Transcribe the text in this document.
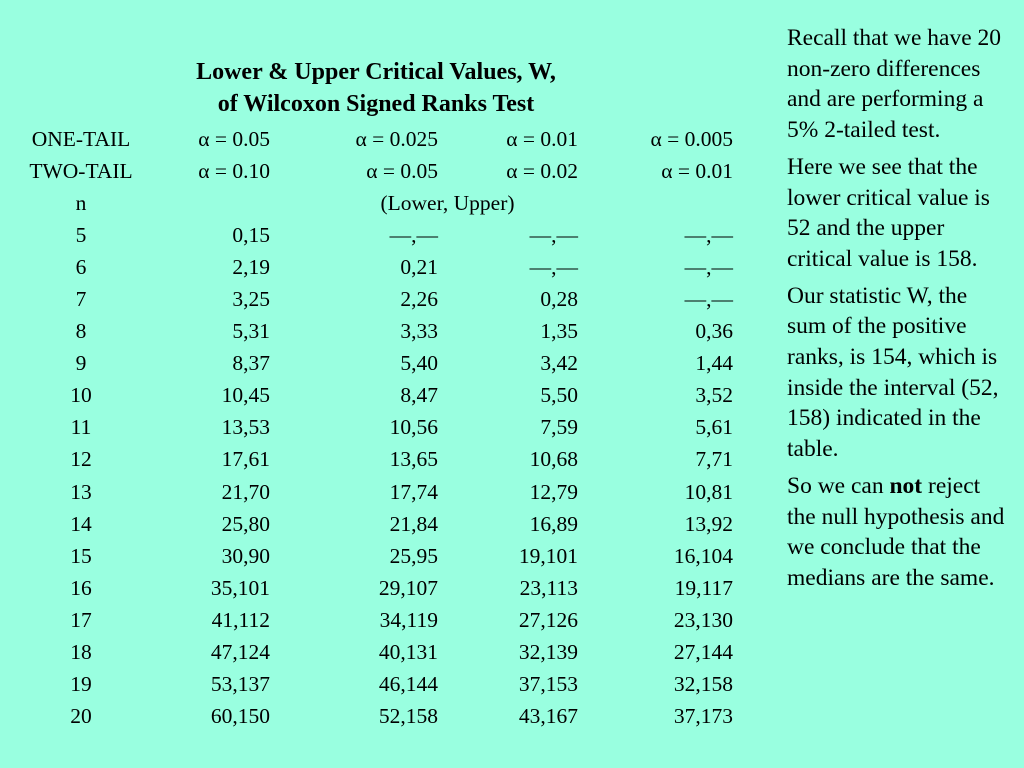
Lower & Upper Critical Values, W,
of Wilcoxon Signed Ranks Test
ONE-TAIL	α = 0.05	α = 0.025	α = 0.01	α = 0.005
TWO-TAIL	α = 0.10	α = 0.05	α = 0.02	α = 0.01
n	(Lower, Upper)			
5	0,15	—,—	—,—	—,—
6	2,19	0,21	—,—	—,—
7	3,25	2,26	0,28	—,—
8	5,31	3,33	1,35	0,36
9	8,37	5,40	3,42	1,44
10	10,45	8,47	5,50	3,52
11	13,53	10,56	7,59	5,61
12	17,61	13,65	10,68	7,71
13	21,70	17,74	12,79	10,81
14	25,80	21,84	16,89	13,92
15	30,90	25,95	19,101	16,104
16	35,101	29,107	23,113	19,117
17	41,112	34,119	27,126	23,130
18	47,124	40,131	32,139	27,144
19	53,137	46,144	37,153	32,158
20	60,150	52,158	43,167	37,173

Recall that we have 20 non-zero differences and are performing a 5% 2-tailed test.

Here we see that the lower critical value is 52 and the upper critical value is 158.

Our statistic W, the sum of the positive ranks, is 154, which is inside the interval (52, 158) indicated in the table.

So we can not reject the null hypothesis and we conclude that the medians are the same.
